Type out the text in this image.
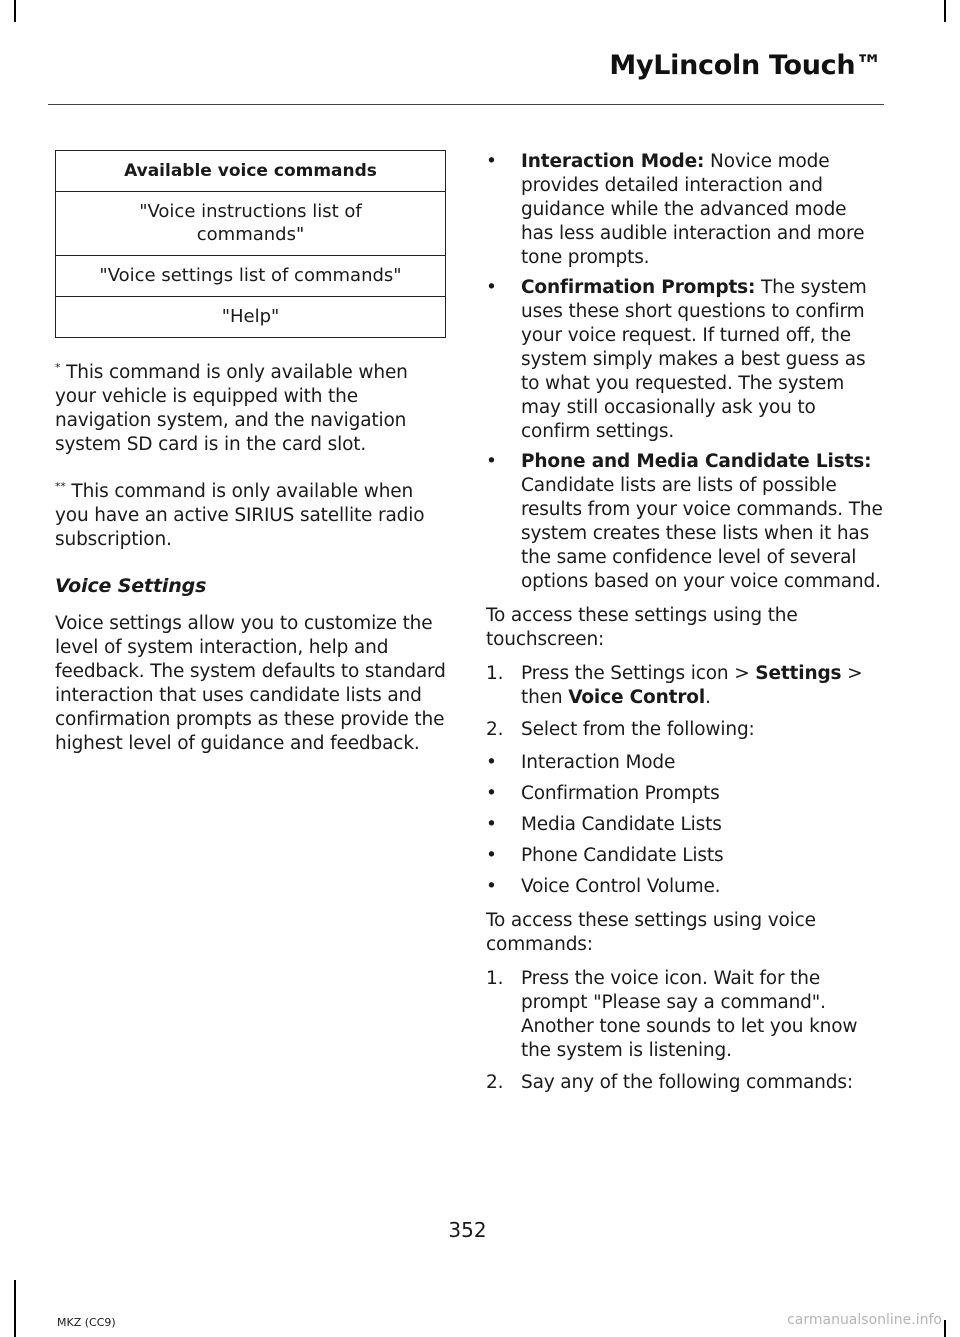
MyLincoln Touch™
Available voice commands
"Voice instructions list of commands"
"Voice settings list of commands"
"Help"

* This command is only available when your vehicle is equipped with the navigation system, and the navigation system SD card is in the card slot.

** This command is only available when you have an active SIRIUS satellite radio subscription.

Voice Settings

Voice settings allow you to customize the level of system interaction, help and feedback. The system defaults to standard interaction that uses candidate lists and confirmation prompts as these provide the highest level of guidance and feedback.

•	Interaction Mode: Novice mode provides detailed interaction and guidance while the advanced mode has less audible interaction and more tone prompts.
•	Confirmation Prompts: The system uses these short questions to confirm your voice request. If turned off, the system simply makes a best guess as to what you requested. The system may still occasionally ask you to confirm settings.
•	Phone and Media Candidate Lists: Candidate lists are lists of possible results from your voice commands. The system creates these lists when it has the same confidence level of several options based on your voice command.

To access these settings using the touchscreen:

1. Press the Settings icon > Settings > then Voice Control.
2. Select from the following:
•	Interaction Mode
•	Confirmation Prompts
•	Media Candidate Lists
•	Phone Candidate Lists
•	Voice Control Volume.

To access these settings using voice commands:

1. Press the voice icon. Wait for the prompt "Please say a command". Another tone sounds to let you know the system is listening.
2. Say any of the following commands:
352
MKZ (CC9)	carmanualsonline.info
